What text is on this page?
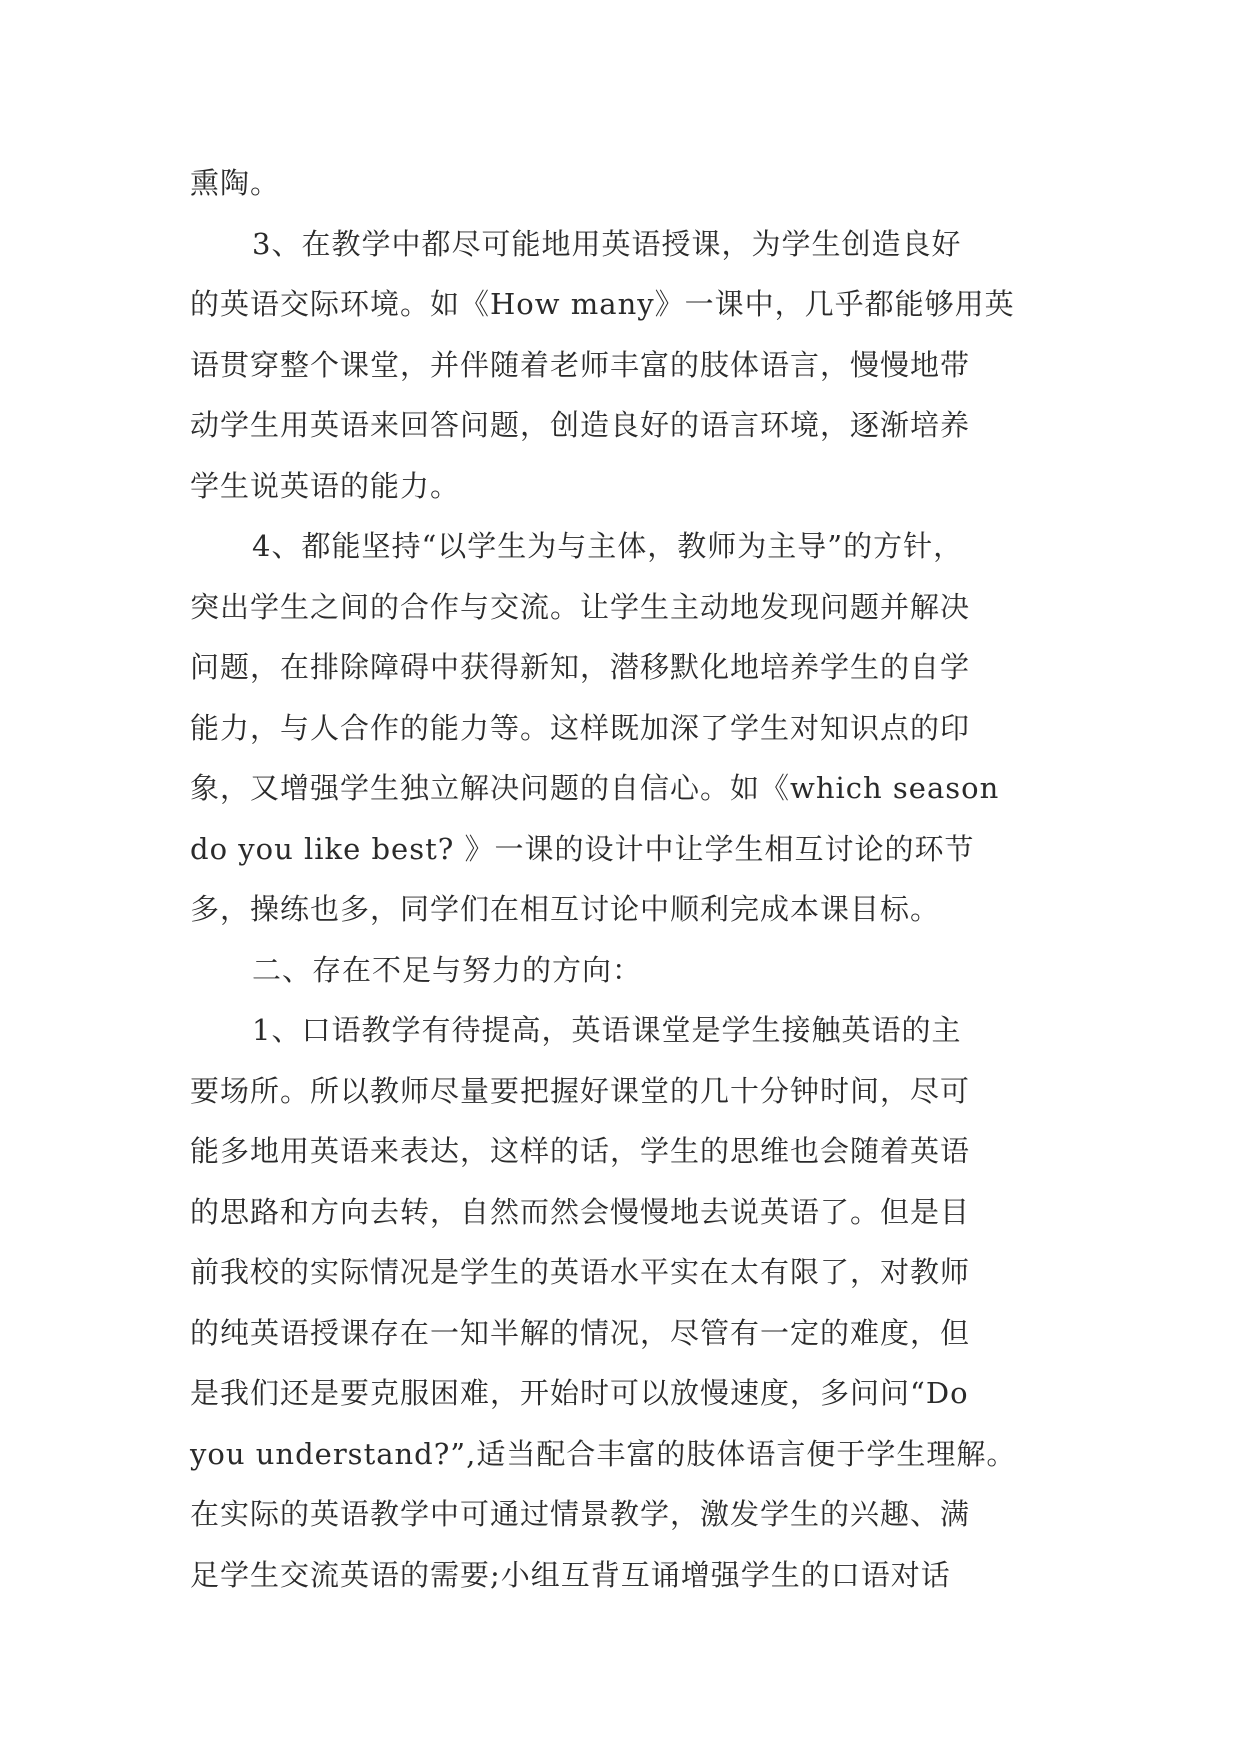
熏陶。
3、在教学中都尽可能地用英语授课，为学生创造良好
的英语交际环境。如《How many》一课中，几乎都能够用英
语贯穿整个课堂，并伴随着老师丰富的肢体语言，慢慢地带
动学生用英语来回答问题，创造良好的语言环境，逐渐培养
学生说英语的能力。
4、都能坚持“以学生为与主体，教师为主导”的方针，
突出学生之间的合作与交流。让学生主动地发现问题并解决
问题，在排除障碍中获得新知，潜移默化地培养学生的自学
能力，与人合作的能力等。这样既加深了学生对知识点的印
象，又增强学生独立解决问题的自信心。如《which season
do you like best? 》一课的设计中让学生相互讨论的环节
多，操练也多，同学们在相互讨论中顺利完成本课目标。
二、存在不足与努力的方向：
1、口语教学有待提高，英语课堂是学生接触英语的主
要场所。所以教师尽量要把握好课堂的几十分钟时间，尽可
能多地用英语来表达，这样的话，学生的思维也会随着英语
的思路和方向去转，自然而然会慢慢地去说英语了。但是目
前我校的实际情况是学生的英语水平实在太有限了，对教师
的纯英语授课存在一知半解的情况，尽管有一定的难度，但
是我们还是要克服困难，开始时可以放慢速度，多问问“Do
you understand?”,适当配合丰富的肢体语言便于学生理解。
在实际的英语教学中可通过情景教学，激发学生的兴趣、满
足学生交流英语的需要;小组互背互诵增强学生的口语对话
